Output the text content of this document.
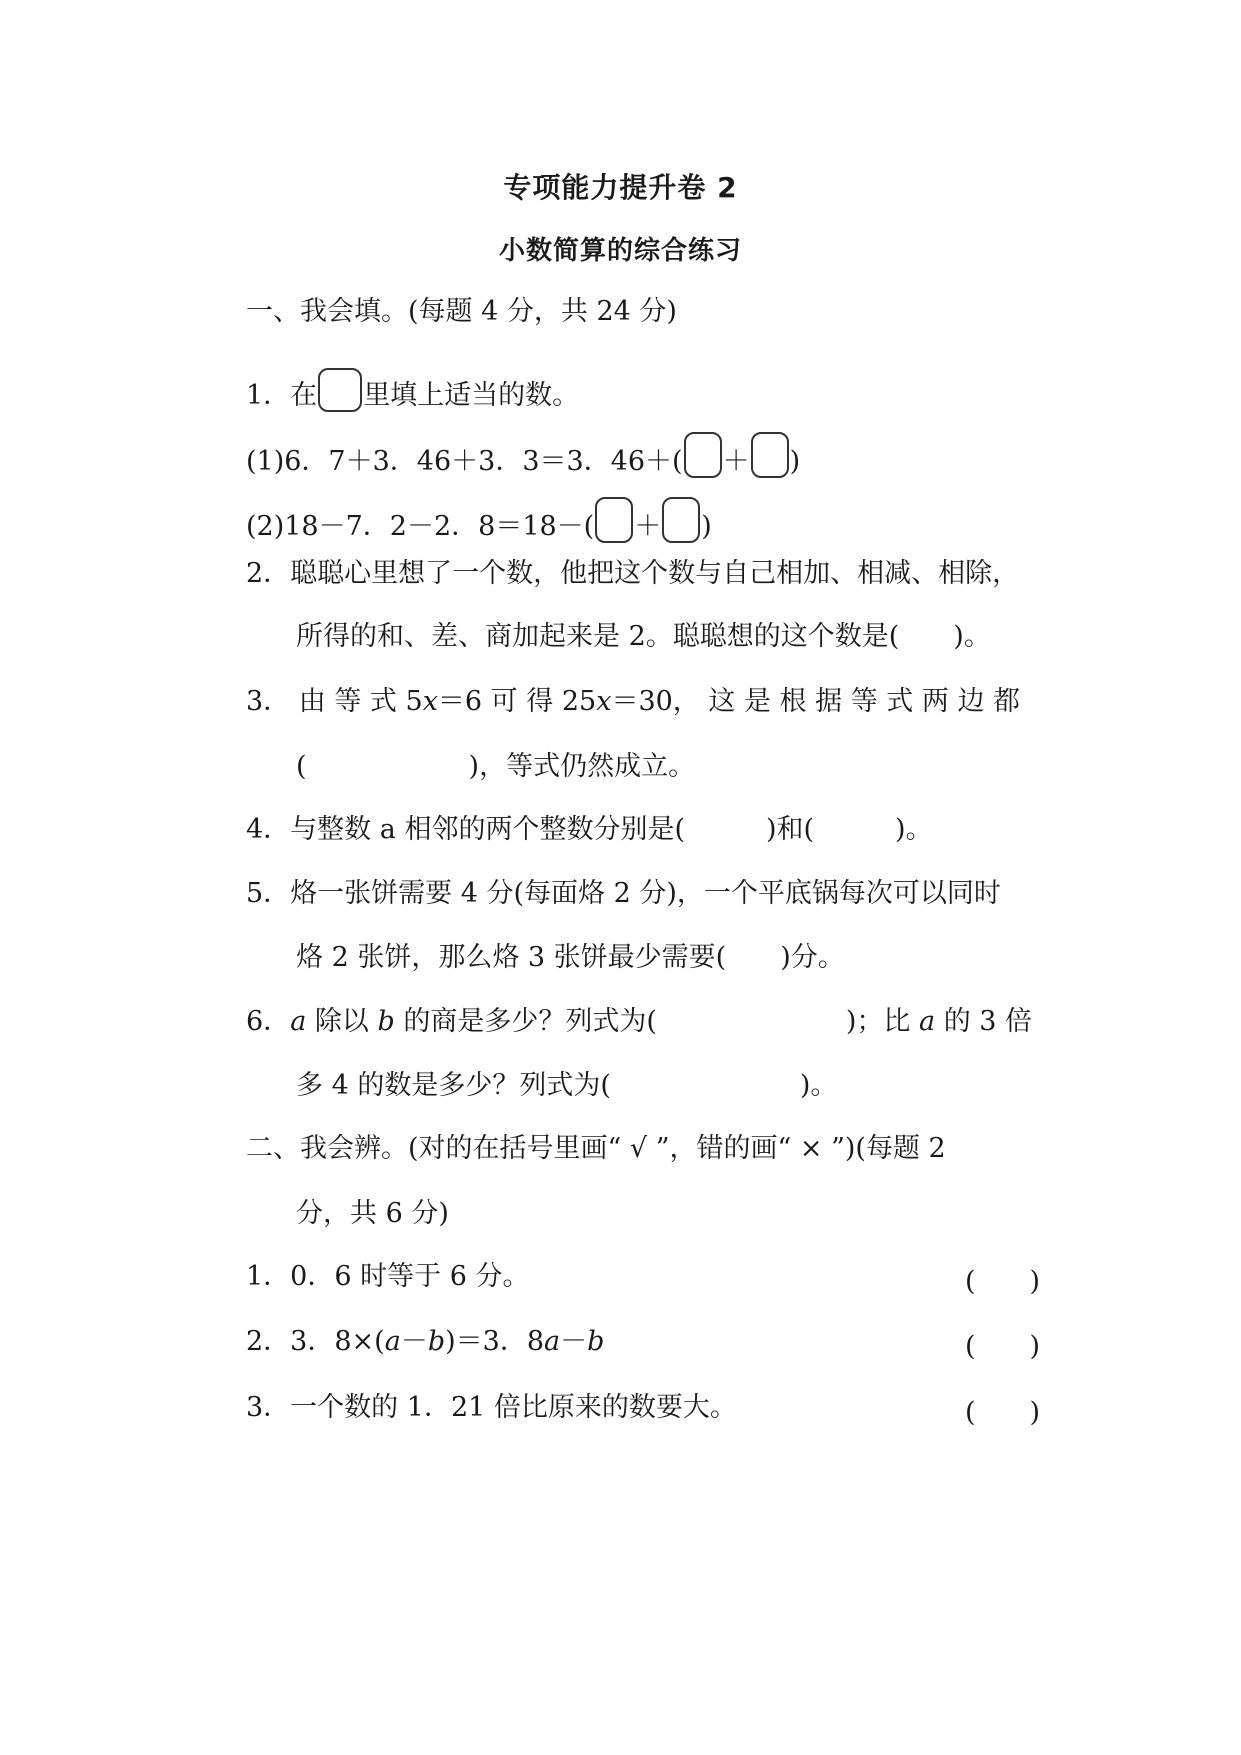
专项能力提升卷 2
小数简算的综合练习
一、我会填。(每题 4 分，共 24 分)
1．在 里填上适当的数。
(1)6．7＋3．46＋3．3＝3．46＋( ＋ )
(2)18－7．2－2．8＝18－( ＋ )
2．聪聪心里想了一个数，他把这个数与自己相加、相减、相除，
所得的和、差、商加起来是 2。聪聪想的这个数是(　　)。
3． 由 等 式 5x＝6 可 得 25x＝30， 这 是 根 据 等 式 两 边 都
(　　　　　　)，等式仍然成立。
4．与整数 a 相邻的两个整数分别是(　　　)和(　　　)。
5．烙一张饼需要 4 分(每面烙 2 分)，一个平底锅每次可以同时
烙 2 张饼，那么烙 3 张饼最少需要(　　)分。
6．a 除以 b 的商是多少？列式为(　　　　　　　)；比 a 的 3 倍
多 4 的数是多少？列式为(　　　　　　　)。
二、我会辨。(对的在括号里画“ √ ”，错的画“ × ”)(每题 2
分，共 6 分)
1．0．6 时等于 6 分。	(　　)
2．3．8×(a－b)＝3．8a－b	(　　)
3．一个数的 1．21 倍比原来的数要大。	(　　)
